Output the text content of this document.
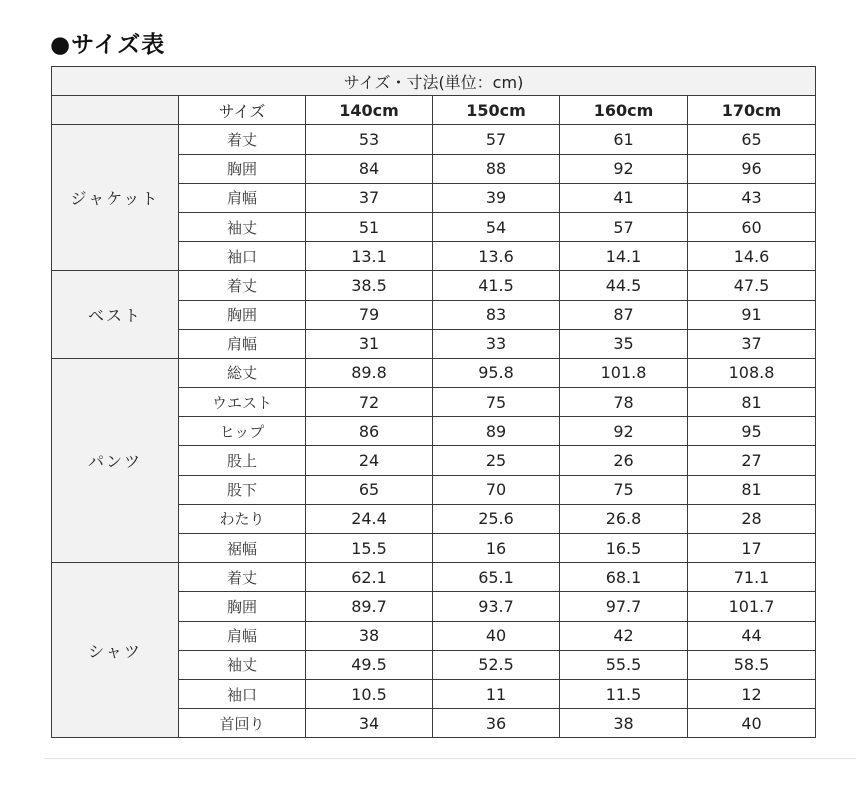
●サイズ表
サイズ・寸法(単位：cm)					
	サイズ	140cm	150cm	160cm	170cm
ジャケット	着丈	53	57	61	65
	胸囲	84	88	92	96
	肩幅	37	39	41	43
	袖丈	51	54	57	60
	袖口	13.1	13.6	14.1	14.6
ベスト	着丈	38.5	41.5	44.5	47.5
	胸囲	79	83	87	91
	肩幅	31	33	35	37
パンツ	総丈	89.8	95.8	101.8	108.8
	ウエスト	72	75	78	81
	ヒップ	86	89	92	95
	股上	24	25	26	27
	股下	65	70	75	81
	わたり	24.4	25.6	26.8	28
	裾幅	15.5	16	16.5	17
シャツ	着丈	62.1	65.1	68.1	71.1
	胸囲	89.7	93.7	97.7	101.7
	肩幅	38	40	42	44
	袖丈	49.5	52.5	55.5	58.5
	袖口	10.5	11	11.5	12
	首回り	34	36	38	40
